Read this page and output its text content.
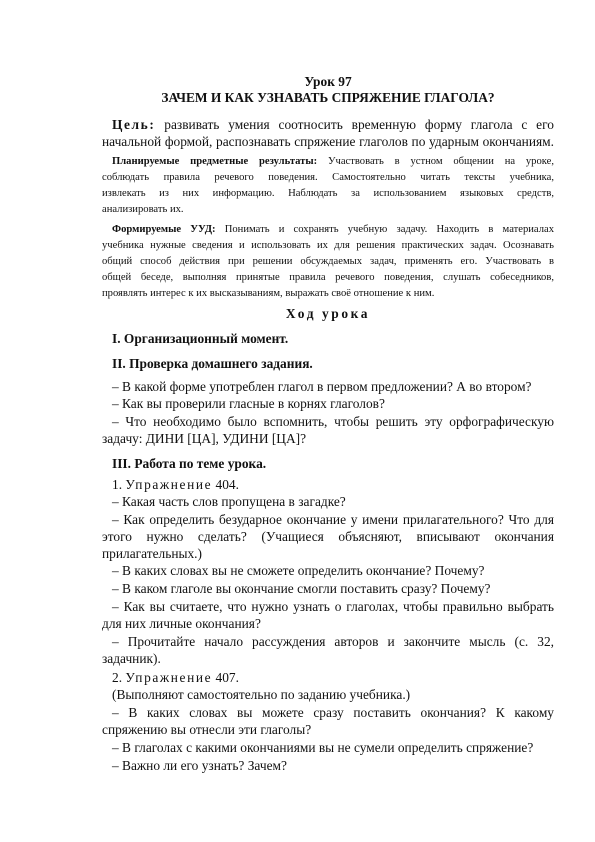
Урок 97
ЗАЧЕМ И КАК УЗНАВАТЬ СПРЯЖЕНИЕ ГЛАГОЛА?
Цель: развивать умения соотносить временную форму глагола с его
начальной формой, распознавать спряжение глаголов по ударным окончаниям.
Планируемые предметные результаты: Участвовать в устном общении на уроке,
соблюдать правила речевого поведения. Самостоятельно читать тексты учебника,
извлекать из них информацию. Наблюдать за использованием языковых средств,
анализировать их.
Формируемые УУД: Понимать и сохранять учебную задачу. Находить в материалах
учебника нужные сведения и использовать их для решения практических задач. Осознавать
общий способ действия при решении обсуждаемых задач, применять его. Участвовать в
общей беседе, выполняя принятые правила речевого поведения, слушать собеседников,
проявлять интерес к их высказываниям, выражать своё отношение к ним.
Ход урока
I. Организационный момент.
II. Проверка домашнего задания.
– В какой форме употреблен глагол в первом предложении? А во втором?
– Как вы проверили гласные в корнях глаголов?
– Что необходимо было вспомнить, чтобы решить эту орфографическую
задачу: ДИНИ [ЦА], УДИНИ [ЦА]?
III. Работа по теме урока.
1. Упражнение 404.
– Какая часть слов пропущена в загадке?
– Как определить безударное окончание у имени прилагательного? Что для
этого нужно сделать? (Учащиеся объясняют, вписывают окончания
прилагательных.)
– В каких словах вы не сможете определить окончание? Почему?
– В каком глаголе вы окончание смогли поставить сразу? Почему?
– Как вы считаете, что нужно узнать о глаголах, чтобы правильно выбрать
для них личные окончания?
– Прочитайте начало рассуждения авторов и закончите мысль (с. 32,
задачник).
2. Упражнение 407.
(Выполняют самостоятельно по заданию учебника.)
– В каких словах вы можете сразу поставить окончания? К какому
спряжению вы отнесли эти глаголы?
– В глаголах с какими окончаниями вы не сумели определить спряжение?
– Важно ли его узнать? Зачем?
